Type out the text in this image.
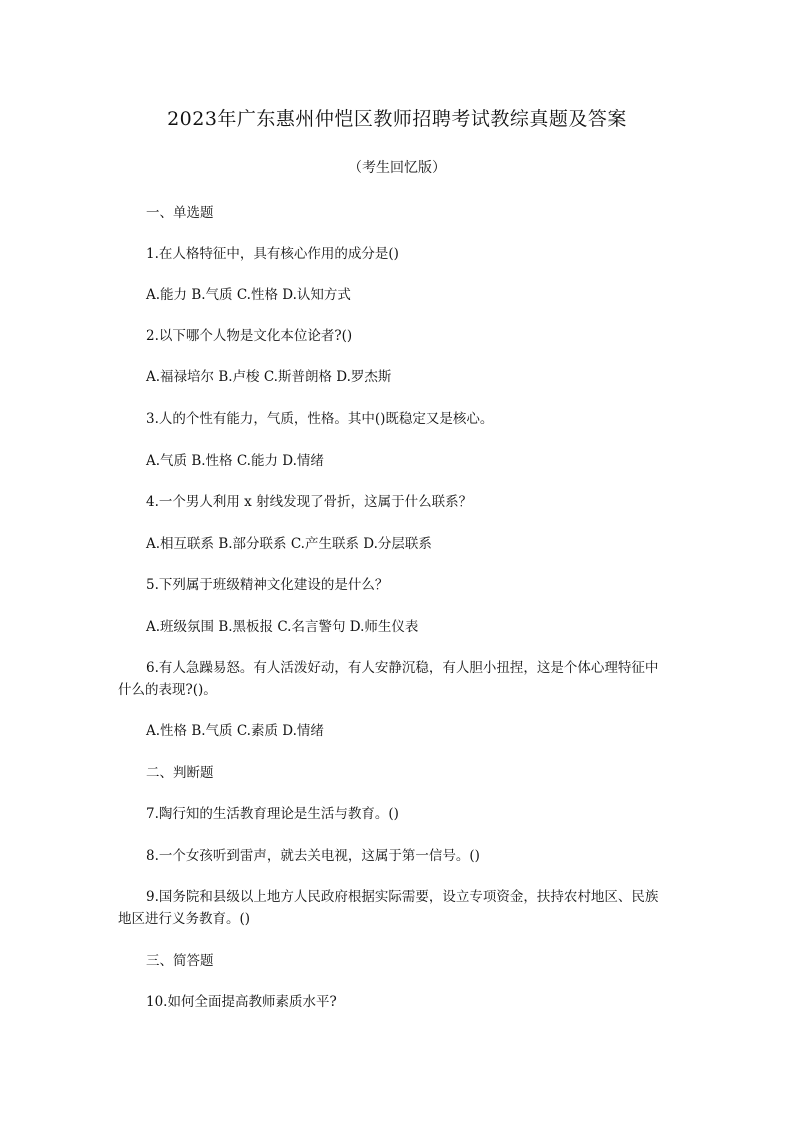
2023年广东惠州仲恺区教师招聘考试教综真题及答案
（考生回忆版）
一、单选题
1.在人格特征中，具有核心作用的成分是()
A.能力 B.气质 C.性格 D.认知方式
2.以下哪个人物是文化本位论者?()
A.福禄培尔 B.卢梭 C.斯普朗格 D.罗杰斯
3.人的个性有能力，气质，性格。其中()既稳定又是核心。
A.气质 B.性格 C.能力 D.情绪
4.一个男人利用 x 射线发现了骨折，这属于什么联系？
A.相互联系 B.部分联系 C.产生联系 D.分层联系
5.下列属于班级精神文化建设的是什么？
A.班级氛围 B.黑板报 C.名言警句 D.师生仪表
6.有人急躁易怒。有人活泼好动，有人安静沉稳，有人胆小扭捏，这是个体心理特征中什么的表现?()。
A.性格 B.气质 C.素质 D.情绪
二、判断题
7.陶行知的生活教育理论是生活与教育。()
8.一个女孩听到雷声，就去关电视，这属于第一信号。()
9.国务院和县级以上地方人民政府根据实际需要，设立专项资金，扶持农村地区、民族地区进行义务教育。()
三、简答题
10.如何全面提高教师素质水平?
